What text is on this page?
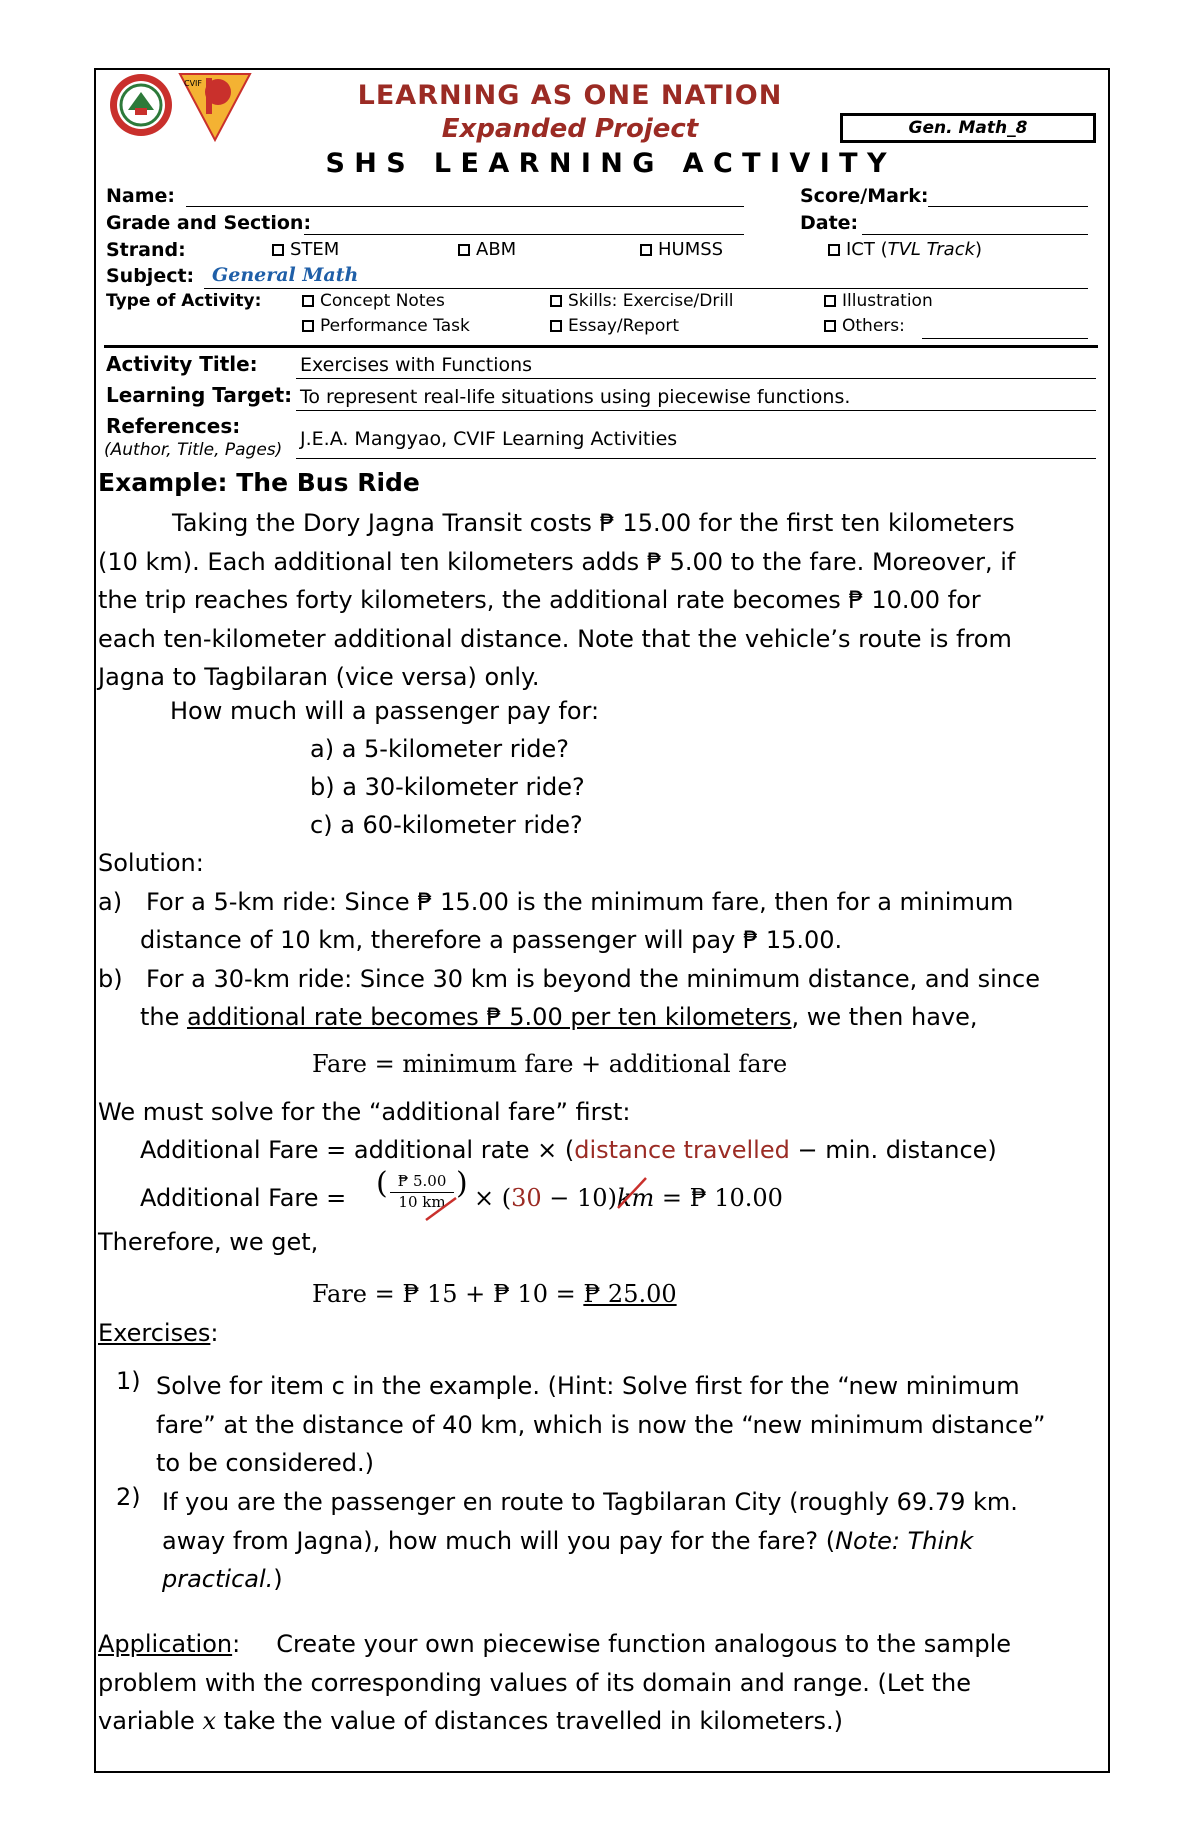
CVIF	LEARNING AS ONE NATION
Expanded Project	Gen. Math_8
S H S   L E A R N I N G   A C T I V I T Y
Name:	Score/Mark:
Grade and Section:	Date:
Strand:	STEM	ABM	HUMSS	ICT (TVL Track)
Subject: General Math
Type of Activity:	Concept Notes	Skills: Exercise/Drill	Illustration
Performance Task	Essay/Report	Others:
Activity Title: Exercises with Functions
Learning Target: To represent real-life situations using piecewise functions.
References:
(Author, Title, Pages) J.E.A. Mangyao, CVIF Learning Activities
Example: The Bus Ride
Taking the Dory Jagna Transit costs ₱ 15.00 for the first ten kilometers
(10 km). Each additional ten kilometers adds ₱ 5.00 to the fare. Moreover, if
the trip reaches forty kilometers, the additional rate becomes ₱ 10.00 for
each ten-kilometer additional distance. Note that the vehicle’s route is from
Jagna to Tagbilaran (vice versa) only.
How much will a passenger pay for:
a) a 5-kilometer ride?
b) a 30-kilometer ride?
c) a 60-kilometer ride?
Solution:
a) For a 5-km ride: Since ₱ 15.00 is the minimum fare, then for a minimum
distance of 10 km, therefore a passenger will pay ₱ 15.00.
b) For a 30-km ride: Since 30 km is beyond the minimum distance, and since
the additional rate becomes ₱ 5.00 per ten kilometers, we then have,
Fare = minimum fare + additional fare
We must solve for the “additional fare” first:
Additional Fare = additional rate × (distance travelled − min. distance)
Additional Fare = ( $\frac{₱ 5.00}{10 km}$ ) × (30 − 10)km = ₱ 10.00
Therefore, we get,
Fare = ₱ 15 + ₱ 10 = ₱ 25.00
Exercises:
1) Solve for item c in the example. (Hint: Solve first for the “new minimum
fare” at the distance of 40 km, which is now the “new minimum distance”
to be considered.)
2) If you are the passenger en route to Tagbilaran City (roughly 69.79 km.
away from Jagna), how much will you pay for the fare? (Note: Think
practical.)
Application: Create your own piecewise function analogous to the sample
problem with the corresponding values of its domain and range. (Let the
variable x take the value of distances travelled in kilometers.)
